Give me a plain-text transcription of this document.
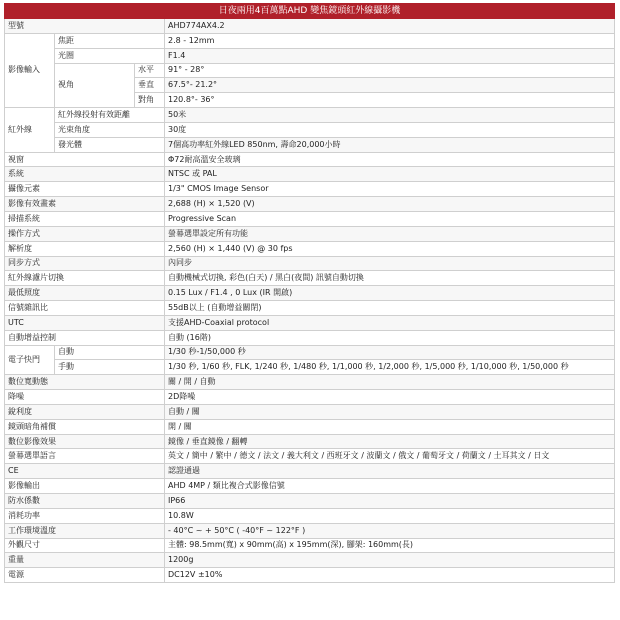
日夜兩用4百萬點AHD 變焦鏡頭紅外線攝影機			
型號			AHD774AX4.2
影像輸入	焦距		2.8 - 12mm
	光圈		F1.4
	視角	水平	91° - 28°
		垂直	67.5°- 21.2°
		對角	120.8°- 36°
紅外線	紅外線投射有效距離		50米
	光束角度		30度
	發光體		7個高功率紅外線LED 850nm, 壽命20,000小時
視窗			Φ72耐高溫安全玻璃
系統			NTSC 或 PAL
攝像元素			1/3" CMOS Image Sensor
影像有效畫素			2,688 (H) × 1,520 (V)
掃描系統			Progressive Scan
操作方式			螢幕選單設定所有功能
解析度			2,560 (H) × 1,440 (V) @ 30 fps
同步方式			內同步
紅外線濾片切換			自動機械式切換, 彩色(白天) / 黑白(夜間) 訊號自動切換
最低照度			0.15 Lux / F1.4 , 0 Lux (IR 開啟)
信號雜訊比			55dB以上 (自動增益關閉)
UTC			支援AHD-Coaxial protocol
自動增益控制			自動 (16階)
電子快門	自動		1/30 秒-1/50,000 秒
	手動		1/30 秒, 1/60 秒, FLK, 1/240 秒, 1/480 秒, 1/1,000 秒, 1/2,000 秒, 1/5,000 秒, 1/10,000 秒, 1/50,000 秒
數位寬動態			關 / 開 / 自動
降噪			2D降噪
銳利度			自動 / 關
鏡頭暗角補償			開 / 關
數位影像效果			鏡像 / 垂直鏡像 / 翻轉
螢幕選單語言			英文 / 簡中 / 繁中 / 德文 / 法文 / 義大利文 / 西班牙文 / 波蘭文 / 俄文 / 葡萄牙文 / 荷蘭文 / 土耳其文 / 日文
CE			認證通過
影像輸出			AHD 4MP / 類比複合式影像信號
防水係數			IP66
消耗功率			10.8W
工作環境溫度			- 40°C ~ + 50°C ( -40°F ~ 122°F )
外觀尺寸			主體: 98.5mm(寬) x 90mm(高) x 195mm(深), 腳架: 160mm(長)
重量			1200g
電源			DC12V ±10%
